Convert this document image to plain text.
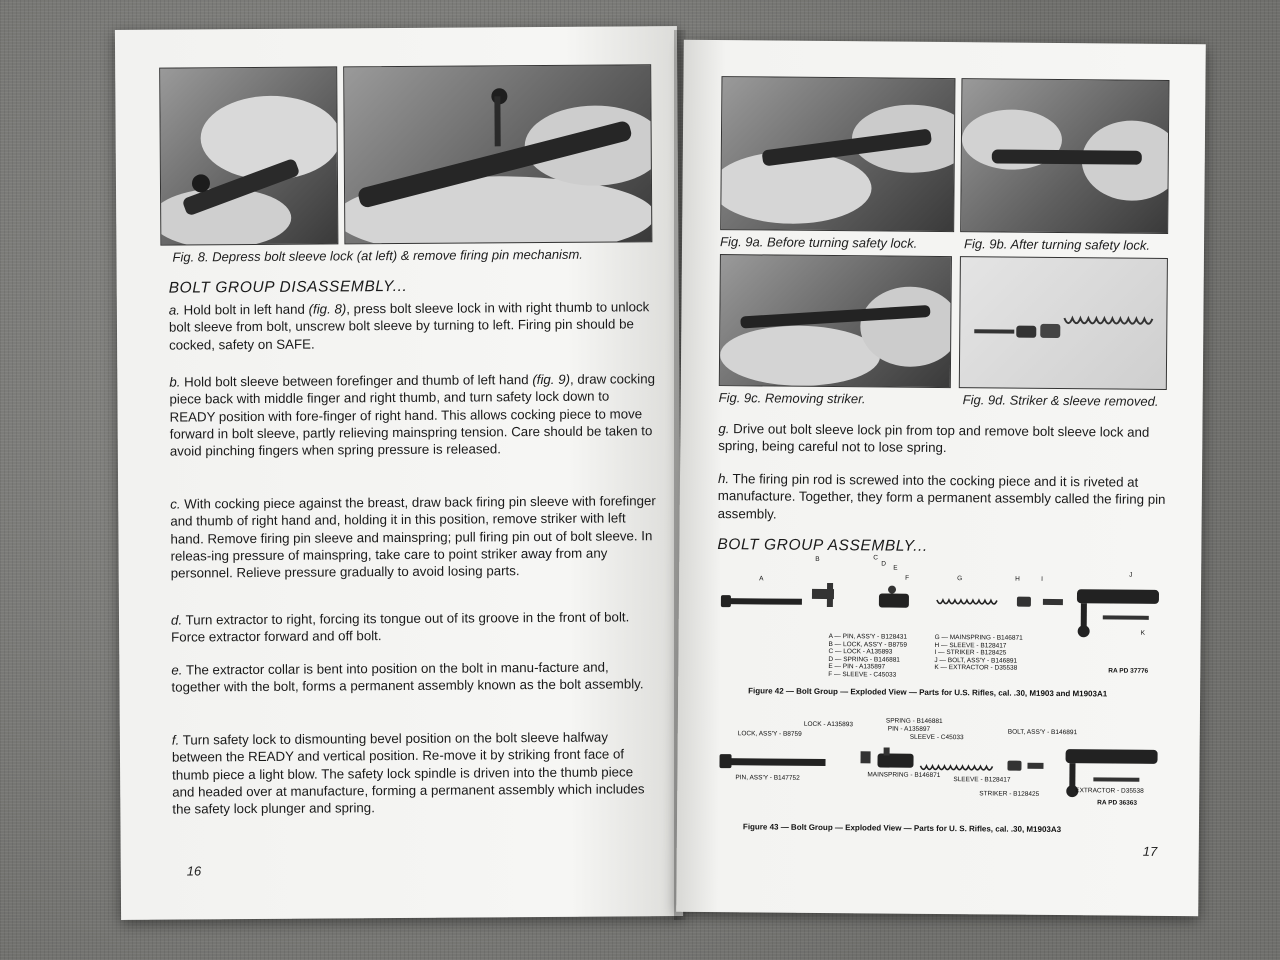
Fig. 8. Depress bolt sleeve lock (at left) & remove firing pin mechanism.
BOLT GROUP DISASSEMBLY...

a. Hold bolt in left hand (fig. 8), press bolt sleeve lock in with right thumb to unlock bolt sleeve from bolt, unscrew bolt sleeve by turning to left. Firing pin should be cocked, safety on SAFE.

b. Hold bolt sleeve between forefinger and thumb of left hand (fig. 9), draw cocking piece back with middle finger and right thumb, and turn safety lock down to READY position with fore-finger of right hand. This allows cocking piece to move forward in bolt sleeve, partly relieving mainspring tension. Care should be taken to avoid pinching fingers when spring pressure is released.

c. With cocking piece against the breast, draw back firing pin sleeve with forefinger and thumb of right hand and, holding it in this position, remove striker with left hand. Remove firing pin sleeve and mainspring; pull firing pin out of bolt sleeve. In releas-ing pressure of mainspring, take care to point striker away from any personnel. Relieve pressure gradually to avoid losing parts.

d. Turn extractor to right, forcing its tongue out of its groove in the front of bolt. Force extractor forward and off bolt.

e. The extractor collar is bent into position on the bolt in manu-facture and, together with the bolt, forms a permanent assembly known as the bolt assembly.

f. Turn safety lock to dismounting bevel position on the bolt sleeve halfway between the READY and vertical position. Re-move it by striking front face of thumb piece a light blow. The safety lock spindle is driven into the thumb piece and headed over at manufacture, forming a permanent assembly which includes the safety lock plunger and spring.

16
Fig. 9a. Before turning safety lock.	Fig. 9b. After turning safety lock.
Fig. 9c. Removing striker.	Fig. 9d. Striker & sleeve removed.

g. Drive out bolt sleeve lock pin from top and remove bolt sleeve lock and spring, being careful not to lose spring.

h. The firing pin rod is screwed into the cocking piece and it is riveted at manufacture. Together, they form a permanent assembly called the firing pin assembly.

BOLT GROUP ASSEMBLY...
A
B	C
D
E
F	G	H	I
J
K
A — PIN, ASS'Y - B128431
B — LOCK, ASS'Y - B8759
C — LOCK - A135893
D — SPRING - B146881
E — PIN - A135897
F — SLEEVE - C45033
G — MAINSPRING - B146871
H — SLEEVE - B128417
I — STRIKER - B128425
J — BOLT, ASS'Y - B146891
K — EXTRACTOR - D35538	RA PD 37776
Figure 42 — Bolt Group — Exploded View — Parts for U.S. Rifles, cal. .30, M1903 and M1903A1
LOCK - A135893	SPRING - B146881
PIN - A135897
LOCK, ASS'Y - B8759	SLEEVE - C45033
BOLT, ASS'Y - B146891
PIN, ASS'Y - B147752	MAINSPRING - B146871
SLEEVE - B128417
STRIKER - B128425	EXTRACTOR - D35538
RA PD 36363
Figure 43 — Bolt Group — Exploded View — Parts for U. S. Rifles, cal. .30, M1903A3
17
